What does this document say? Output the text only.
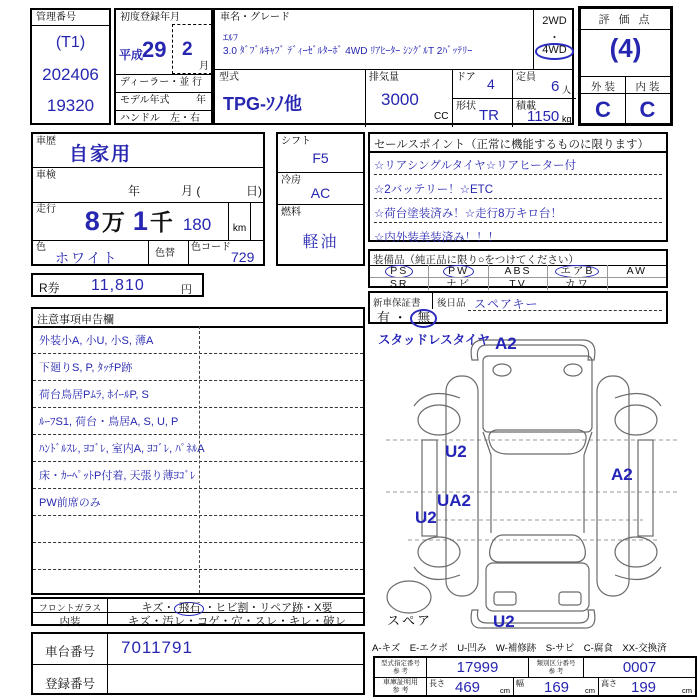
管理番号
(T1)
202406
19320
初度登録年月
平成
29 2
月
ディーラー・並 行
モデル年式	年
ハンドル　左・右
車名・グレード
ｴﾙﾌ
3.0 ﾀﾞﾌﾞﾙｷｬﾌﾞ ﾃﾞｨｰｾﾞﾙﾀｰﾎﾞ 4WD ﾘｱﾋｰﾀｰ ｼﾝｸﾞﾙT 2ﾊﾞｯﾃﾘｰ
2WD
・
4WD
型式
TPG-ｿﾉ他
排気量
3000
CC
ドア 4
形状
TR
定員
6 人
積載
1150 kg
評 価 点
(4)
外 装	内 装
C	C
車歴
自家用
車検
年	月 (	日)
走行 8 万 1 千 180 km
色
ホワイト	色替
色コード
729
シフト
F5
冷房
AC
燃料
軽油
R券 11,810	円
セールスポイント（正常に機能するものに限ります）
☆リアシングルタイヤ☆リアヒーター付
☆2バッテリー！☆ETC
☆荷台塗装済み！☆走行8万キロ台！
☆内外装美装済み！！！
装備品（純正品に限り○をつけてください）
PS	PW	ABS	エアB	AW
SR	ナビ	TV	カワ
新車保証書 後日品 スペアキー
有 ・ 無
注意事項申告欄
外装小A, 小U, 小S, 薄A
下廻りS, P, ﾀｯﾁP跡
荷台鳥居Pﾑﾗ, ﾎｲｰﾙP, S
ﾙｰﾌS1, 荷台・鳥居A, S, U, P
ﾊﾝﾄﾞﾙｽﾚ, ﾖｺﾞﾚ, 室内A, ﾖｺﾞﾚ, ﾊﾟﾈﾙA
床・ｶｰﾍﾟｯﾄP付着, 天張り薄ﾖｺﾞﾚ
PW前席のみ
フロントガラス	キズ・ 飛石 ・ヒビ割・リペア跡・X要
内装	キズ・汚レ・コゲ・穴・スレ・キレ・破レ
車台番号	7011791
登録番号
スタッドレスタイヤ A2
U2
UA2
U2
A2
U2
スペア
A-キズ　E-エクボ　U-凹み　W-補修跡　S-サビ　C-腐食　XX-交換済
型式指定番号
参 考	17999	類別区分番号
参 考	0007
車庫証明用
参 考
長さ 469	cm
幅 169 cm
高さ 199	cm
